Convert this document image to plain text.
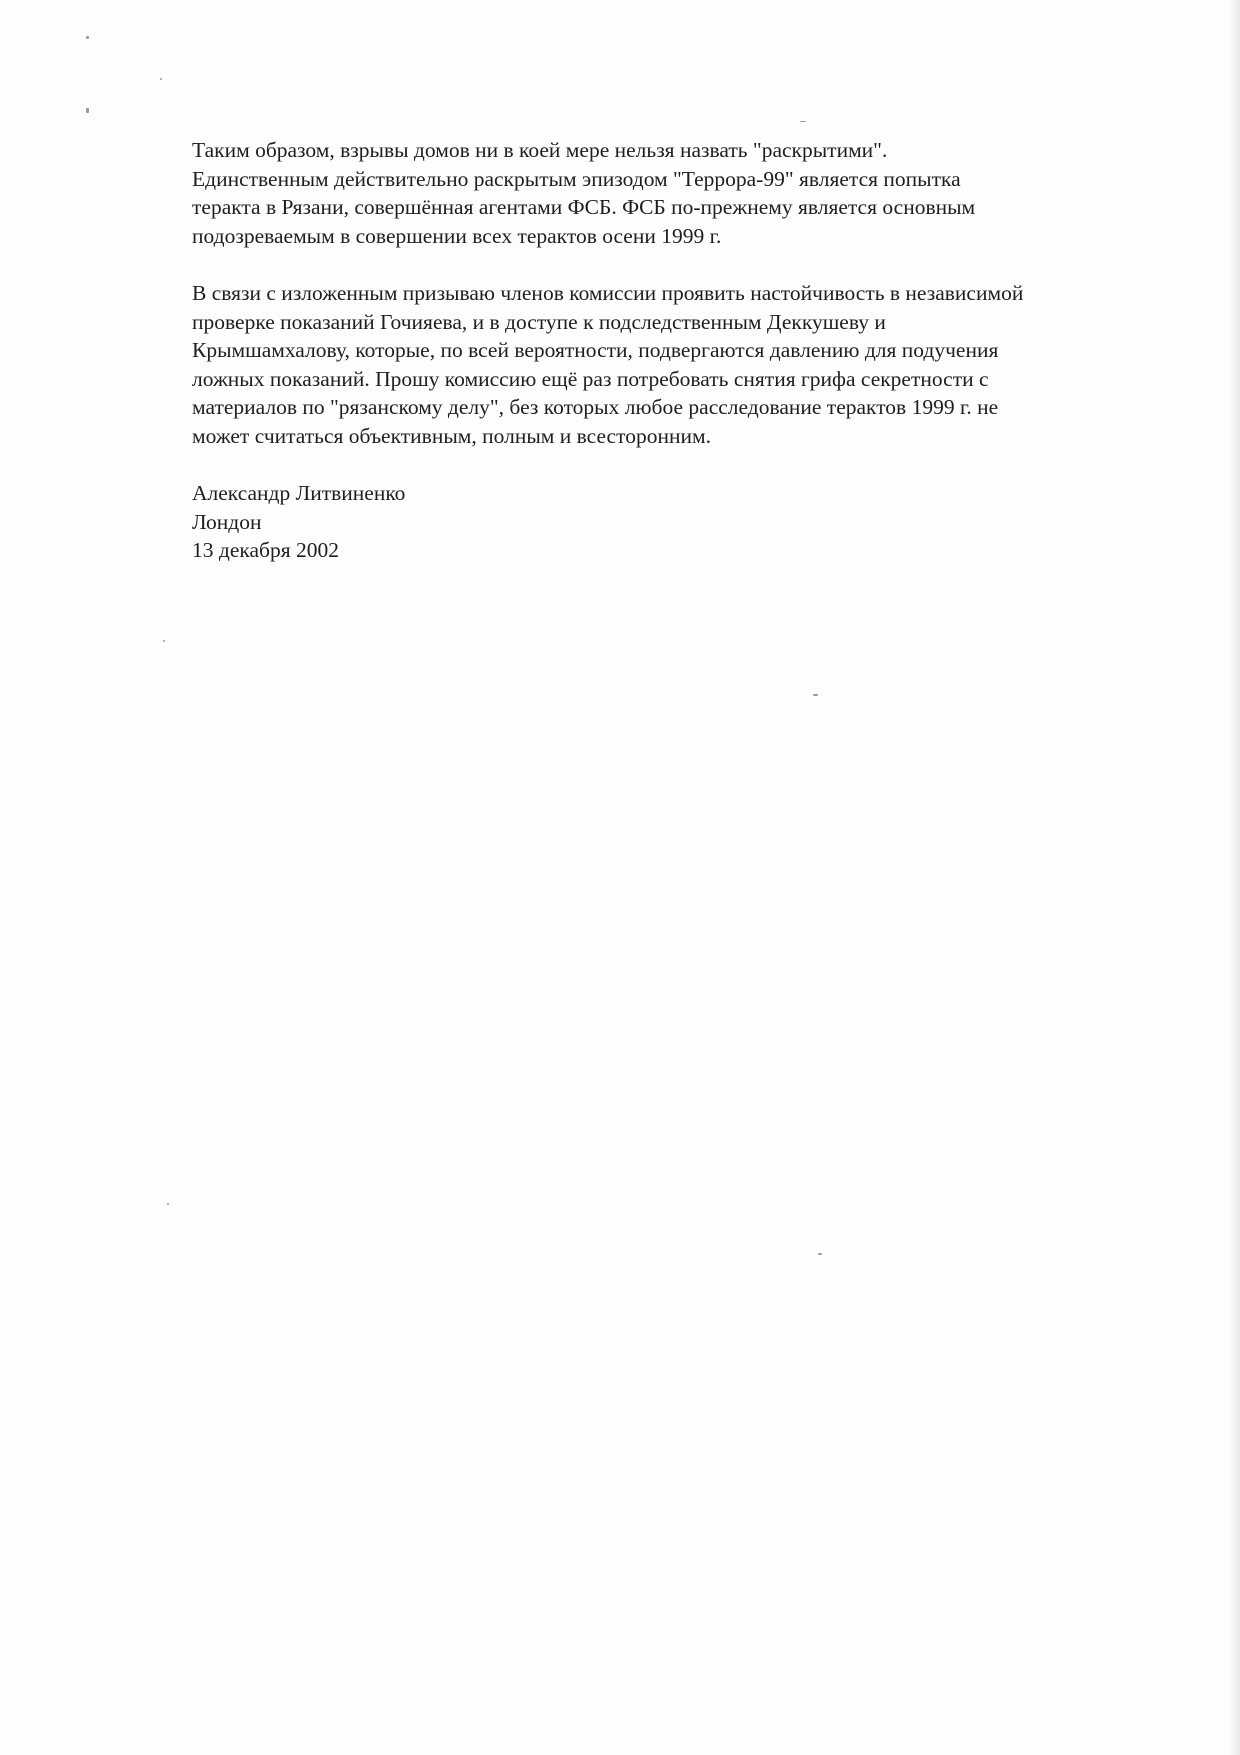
Таким образом, взрывы домов ни в коей мере нельзя назвать "раскрытими".
Единственным действительно раскрытым эпизодом "Террора-99" является попытка
теракта в Рязани, совершённая агентами ФСБ. ФСБ по-прежнему является основным
подозреваемым в совершении всех терактов осени 1999 г.

В связи с изложенным призываю членов комиссии проявить настойчивость в независимой
проверке показаний Гочияева, и в доступе к подследственным Деккушеву и
Крымшамхалову, которые, по всей вероятности, подвергаются давлению для подучения
ложных показаний. Прошу комиссию ещё раз потребовать снятия грифа секретности с
материалов по "рязанскому делу", без которых любое расследование терактов 1999 г. не
может считаться объективным, полным и всесторонним.

Александр Литвиненко
Лондон
13 декабря 2002
